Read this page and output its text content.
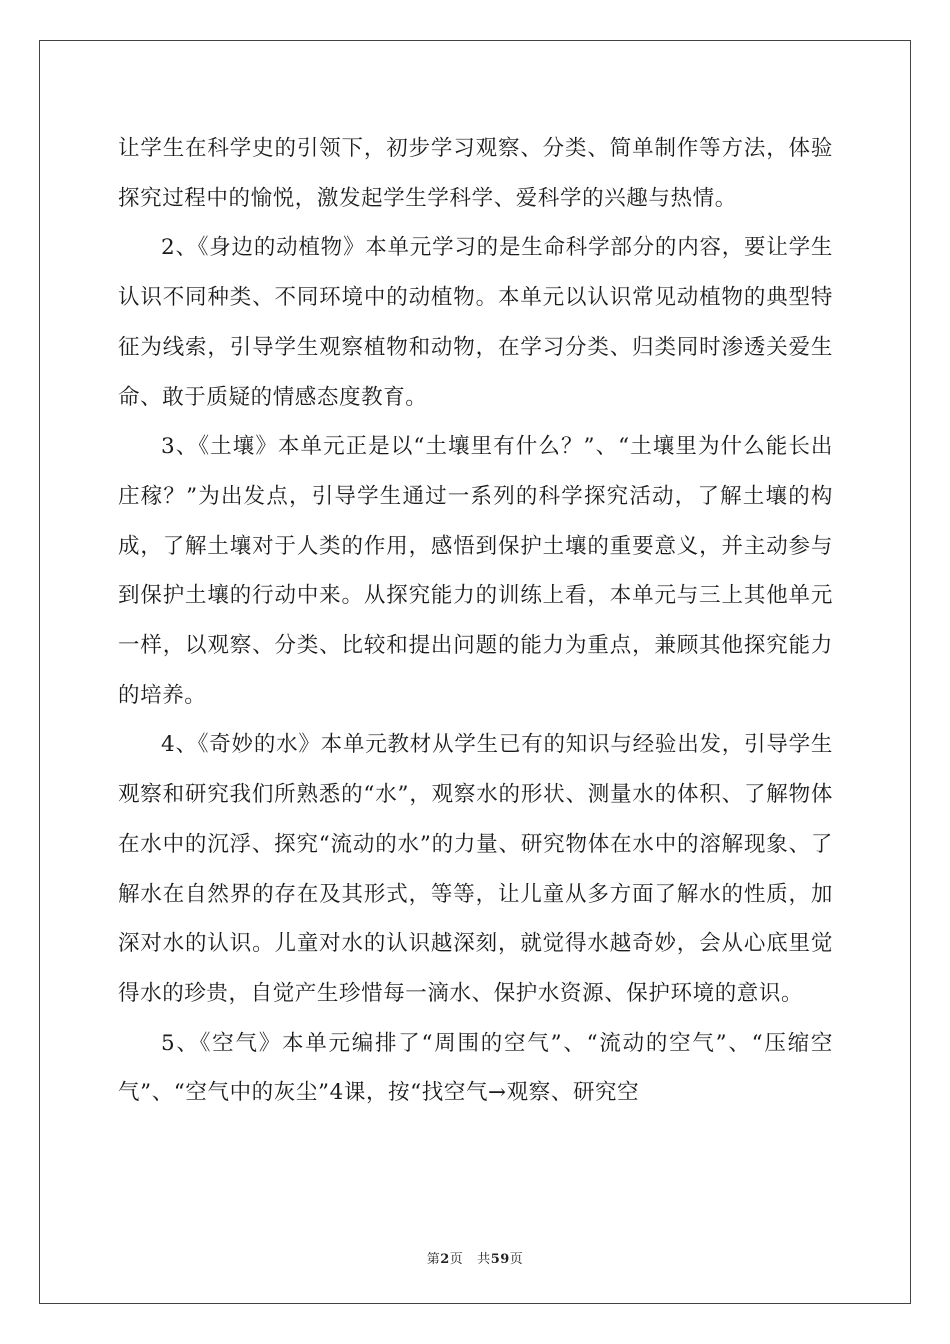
让学生在科学史的引领下，初步学习观察、分类、简单制作等方法，体验探究过程中的愉悦，激发起学生学科学、爱科学的兴趣与热情。

2、《身边的动植物》本单元学习的是生命科学部分的内容，要让学生认识不同种类、不同环境中的动植物。本单元以认识常见动植物的典型特征为线索，引导学生观察植物和动物，在学习分类、归类同时渗透关爱生命、敢于质疑的情感态度教育。

3、《土壤》本单元正是以“土壤里有什么？”、“土壤里为什么能长出庄稼？”为出发点，引导学生通过一系列的科学探究活动，了解土壤的构成，了解土壤对于人类的作用，感悟到保护土壤的重要意义，并主动参与到保护土壤的行动中来。从探究能力的训练上看，本单元与三上其他单元一样，以观察、分类、比较和提出问题的能力为重点，兼顾其他探究能力的培养。

4、《奇妙的水》本单元教材从学生已有的知识与经验出发，引导学生观察和研究我们所熟悉的“水”，观察水的形状、测量水的体积、了解物体在水中的沉浮、探究“流动的水”的力量、研究物体在水中的溶解现象、了解水在自然界的存在及其形式，等等，让儿童从多方面了解水的性质，加深对水的认识。儿童对水的认识越深刻，就觉得水越奇妙，会从心底里觉得水的珍贵，自觉产生珍惜每一滴水、保护水资源、保护环境的意识。

5、《空气》本单元编排了“周围的空气”、“流动的空气”、“压缩空气”、“空气中的灰尘”4课，按“找空气→观察、研究空

第2页 共59页
